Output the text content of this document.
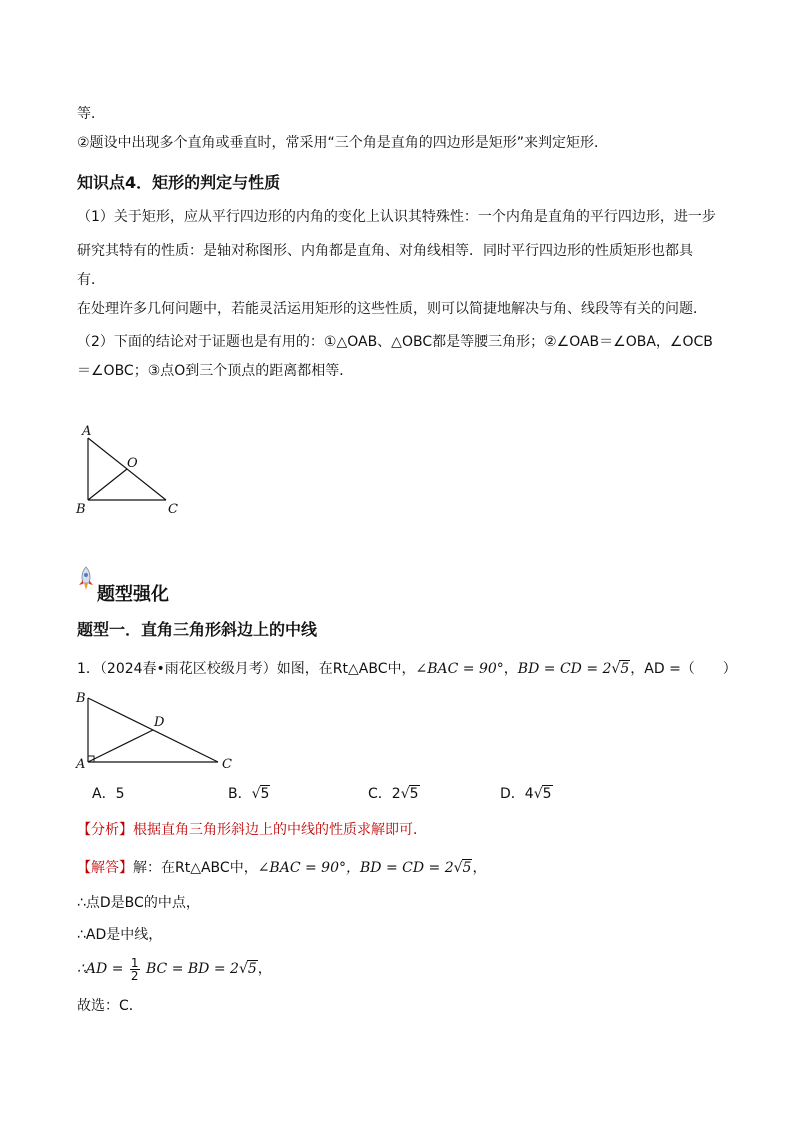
等．
②题设中出现多个直角或垂直时，常采用“三个角是直角的四边形是矩形”来判定矩形．
知识点4．矩形的判定与性质
（1）关于矩形，应从平行四边形的内角的变化上认识其特殊性：一个内角是直角的平行四边形，进一步
研究其特有的性质：是轴对称图形、内角都是直角、对角线相等．同时平行四边形的性质矩形也都具
有．
在处理许多几何问题中，若能灵活运用矩形的这些性质，则可以简捷地解决与角、线段等有关的问题．
（2）下面的结论对于证题也是有用的：①△OAB、△OBC都是等腰三角形；②∠OAB＝∠OBA，∠OCB
＝∠OBC；③点O到三个顶点的距离都相等．
A
B	C
O
题型强化
题型一．直角三角形斜边上的中线
1．（2024春•雨花区校级月考）如图，在Rt△ABC中，∠BAC = 90°，BD = CD = 2√5，AD =（　　）
B
D
A	C
A．5	B．√5	C．2√5	D．4√5
【分析】根据直角三角形斜边上的中线的性质求解即可．
【解答】解：在Rt△ABC中，∠BAC = 90°，BD = CD = 2√5，
∴点D是BC的中点，
∴AD是中线，
∴AD = $\frac{1}{2}$ BC = BD = 2√5，
故选：C．
